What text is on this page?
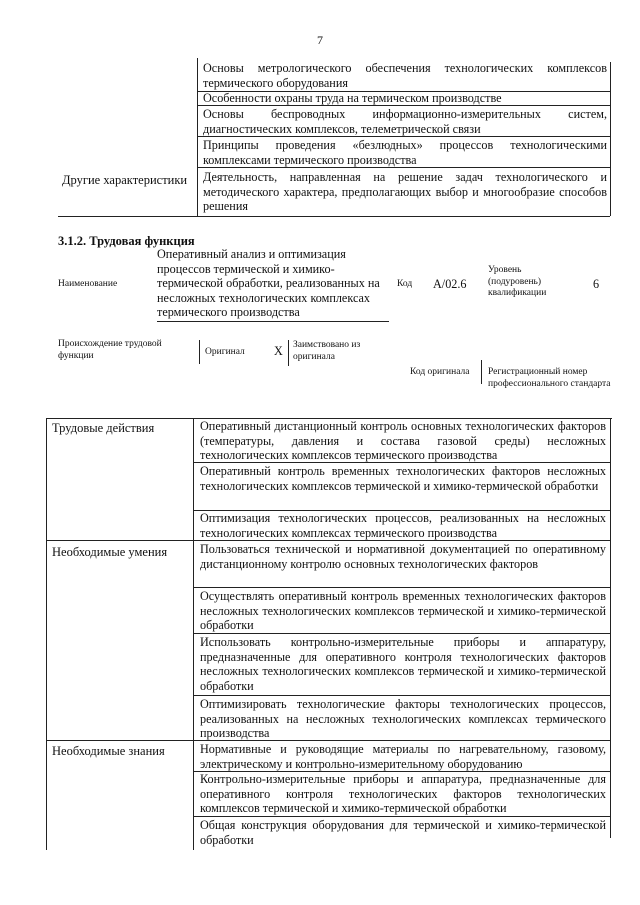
7
Основы метрологического обеспечения технологических комплексов термического оборудования
Особенности охраны труда на термическом производстве
Основы беспроводных информационно-измерительных систем, диагностических комплексов, телеметрической связи
Принципы проведения «безлюдных» процессов технологическими комплексами термического производства
Деятельность, направленная на решение задач технологического и методического характера, предполагающих выбор и многообразие способов решения
Другие характеристики
3.1.2. Трудовая функция
Наименование
Оперативный анализ и оптимизация процессов термической и химико-термической обработки, реализованных на несложных технологических комплексах термического производства
Код А/02.6
Уровень (подуровень) квалификации
6
Происхождение трудовой функции	Оригинал X Заимствовано из оригинала
Код оригинала Регистрационный номер профессионального стандарта
Трудовые действия
Необходимые умения
Необходимые знания
Оперативный дистанционный контроль основных технологических факторов (температуры, давления и состава газовой среды) несложных технологических комплексов термического производства
Оперативный контроль временных технологических факторов несложных технологических комплексов термической и химико-термической обработки
Оптимизация технологических процессов, реализованных на несложных технологических комплексах термического производства
Пользоваться технической и нормативной документацией по оперативному дистанционному контролю основных технологических факторов
Осуществлять оперативный контроль временных технологических факторов несложных технологических комплексов термической и химико-термической обработки
Использовать контрольно-измерительные приборы и аппаратуру, предназначенные для оперативного контроля технологических факторов несложных технологических комплексов термической и химико-термической обработки
Оптимизировать технологические факторы технологических процессов, реализованных на несложных технологических комплексах термического производства
Нормативные и руководящие материалы по нагревательному, газовому, электрическому и контрольно-измерительному оборудованию
Контрольно-измерительные приборы и аппаратура, предназначенные для оперативного контроля технологических факторов технологических комплексов термической и химико-термической обработки
Общая конструкция оборудования для термической и химико-термической обработки
